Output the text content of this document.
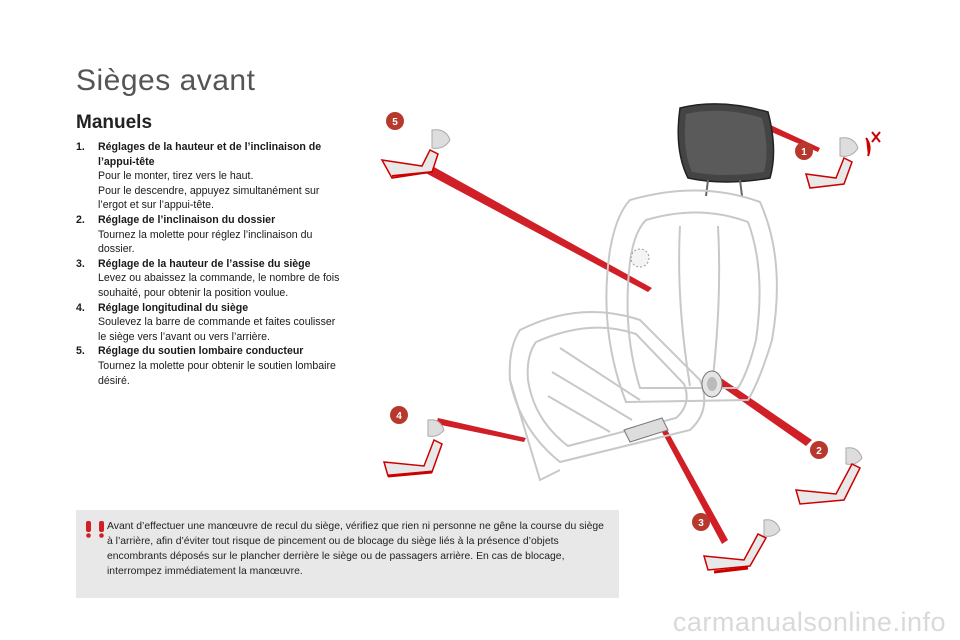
Sièges avant
Manuels
1. Réglages de la hauteur et de l’inclinaison de l’appui-tête
Pour le monter, tirez vers le haut.
Pour le descendre, appuyez simultanément sur l’ergot et sur l’appui-tête.
2. Réglage de l’inclinaison du dossier
Tournez la molette pour réglez l’inclinaison du dossier.
3. Réglage de la hauteur de l’assise du siège
Levez ou abaissez la commande, le nombre de fois souhaité, pour obtenir la position voulue.
4. Réglage longitudinal du siège
Soulevez la barre de commande et faites coulisser le siège vers l’avant ou vers l’arrière.
5. Réglage du soutien lombaire conducteur
Tournez la molette pour obtenir le soutien lombaire désiré.
5
1
4
2
3
Avant d’effectuer une manœuvre de recul du siège, vérifiez que rien ni personne ne gêne la course du siège à l’arrière, afin d’éviter tout risque de pincement ou de blocage du siège liés à la présence d’objets encombrants déposés sur le plancher derrière le siège ou de passagers arrière. En cas de blocage, interrompez immédiatement la manœuvre.
carmanualsonline.info
